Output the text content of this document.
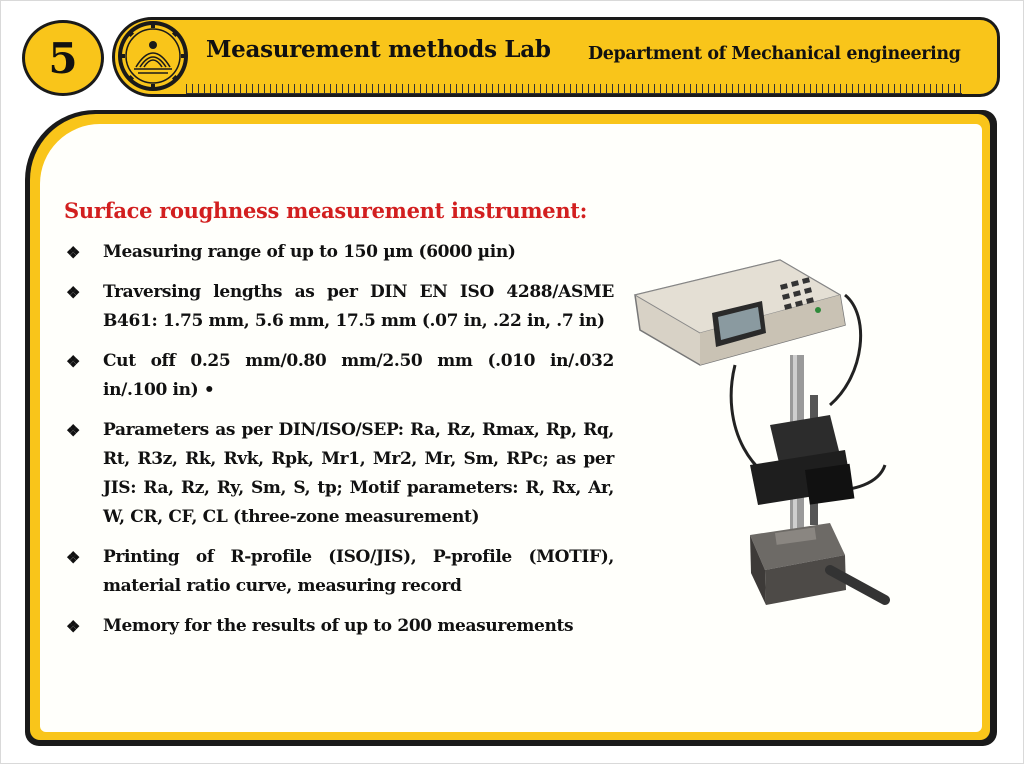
5	Measurement methods Lab Department of Mechanical engineering
Surface roughness measurement instrument:
❖ Measuring range of up to 150 µm (6000 µin)
❖ Traversing lengths as per DIN EN ISO 4288/ASME B461: 1.75 mm, 5.6 mm, 17.5 mm (.07 in, .22 in, .7 in)
❖ Cut off 0.25 mm/0.80 mm/2.50 mm (.010 in/.032 in/.100 in) •
❖ Parameters as per DIN/ISO/SEP: Ra, Rz, Rmax, Rp, Rq, Rt, R3z, Rk, Rvk, Rpk, Mr1, Mr2, Mr, Sm, RPc; as per JIS: Ra, Rz, Ry, Sm, S, tp; Motif parameters: R, Rx, Ar, W, CR, CF, CL (three-zone measurement)
❖ Printing of R-profile (ISO/JIS), P-profile (MOTIF), material ratio curve, measuring record
❖ Memory for the results of up to 200 measurements
